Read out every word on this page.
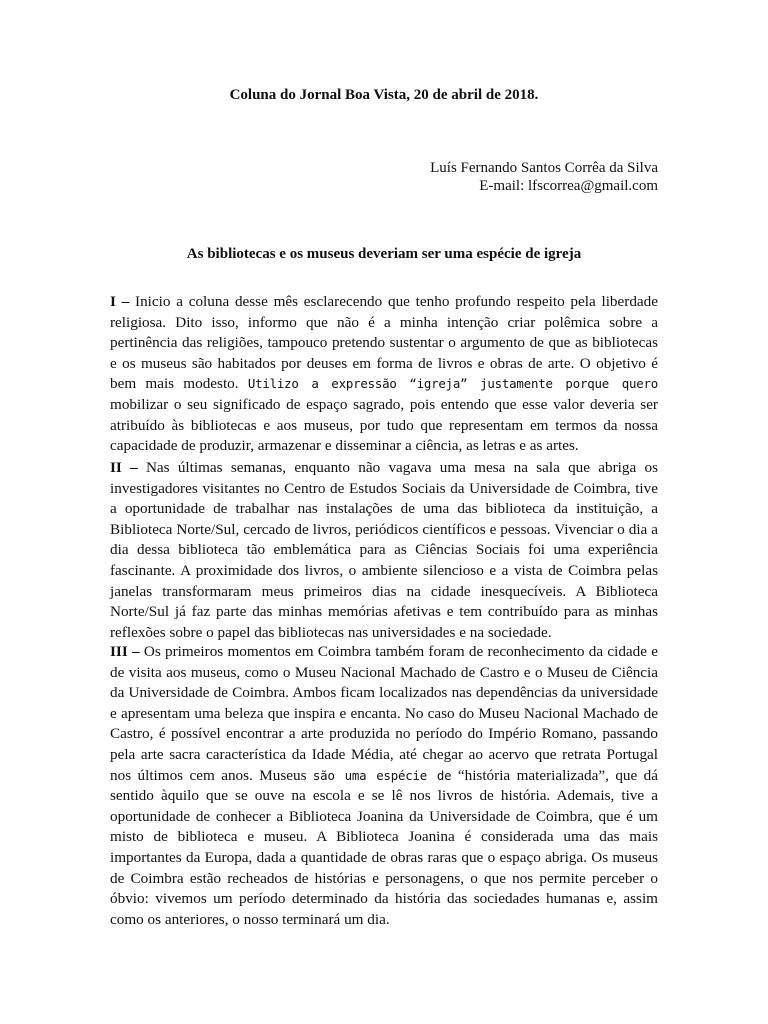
Coluna do Jornal Boa Vista, 20 de abril de 2018.
Luís Fernando Santos Corrêa da Silva
E-mail: lfscorrea@gmail.com
As bibliotecas e os museus deveriam ser uma espécie de igreja

I – Inicio a coluna desse mês esclarecendo que tenho profundo respeito pela liberdade religiosa. Dito isso, informo que não é a minha intenção criar polêmica sobre a pertinência das religiões, tampouco pretendo sustentar o argumento de que as bibliotecas e os museus são habitados por deuses em forma de livros e obras de arte. O objetivo é bem mais modesto. Utilizo a expressão “igreja” justamente porque quero mobilizar o seu significado de espaço sagrado, pois entendo que esse valor deveria ser atribuído às bibliotecas e aos museus, por tudo que representam em termos da nossa capacidade de produzir, armazenar e disseminar a ciência, as letras e as artes.

II – Nas últimas semanas, enquanto não vagava uma mesa na sala que abriga os investigadores visitantes no Centro de Estudos Sociais da Universidade de Coimbra, tive a oportunidade de trabalhar nas instalações de uma das biblioteca da instituição, a Biblioteca Norte/Sul, cercado de livros, periódicos científicos e pessoas. Vivenciar o dia a dia dessa biblioteca tão emblemática para as Ciências Sociais foi uma experiência fascinante. A proximidade dos livros, o ambiente silencioso e a vista de Coimbra pelas janelas transformaram meus primeiros dias na cidade inesquecíveis. A Biblioteca Norte/Sul já faz parte das minhas memórias afetivas e tem contribuído para as minhas reflexões sobre o papel das bibliotecas nas universidades e na sociedade.

III – Os primeiros momentos em Coimbra também foram de reconhecimento da cidade e de visita aos museus, como o Museu Nacional Machado de Castro e o Museu de Ciência da Universidade de Coimbra. Ambos ficam localizados nas dependências da universidade e apresentam uma beleza que inspira e encanta. No caso do Museu Nacional Machado de Castro, é possível encontrar a arte produzida no período do Império Romano, passando pela arte sacra característica da Idade Média, até chegar ao acervo que retrata Portugal nos últimos cem anos. Museus são uma espécie de “história materializada”, que dá sentido àquilo que se ouve na escola e se lê nos livros de história. Ademais, tive a oportunidade de conhecer a Biblioteca Joanina da Universidade de Coimbra, que é um misto de biblioteca e museu. A Biblioteca Joanina é considerada uma das mais importantes da Europa, dada a quantidade de obras raras que o espaço abriga. Os museus de Coimbra estão recheados de histórias e personagens, o que nos permite perceber o óbvio: vivemos um período determinado da história das sociedades humanas e, assim como os anteriores, o nosso terminará um dia.
